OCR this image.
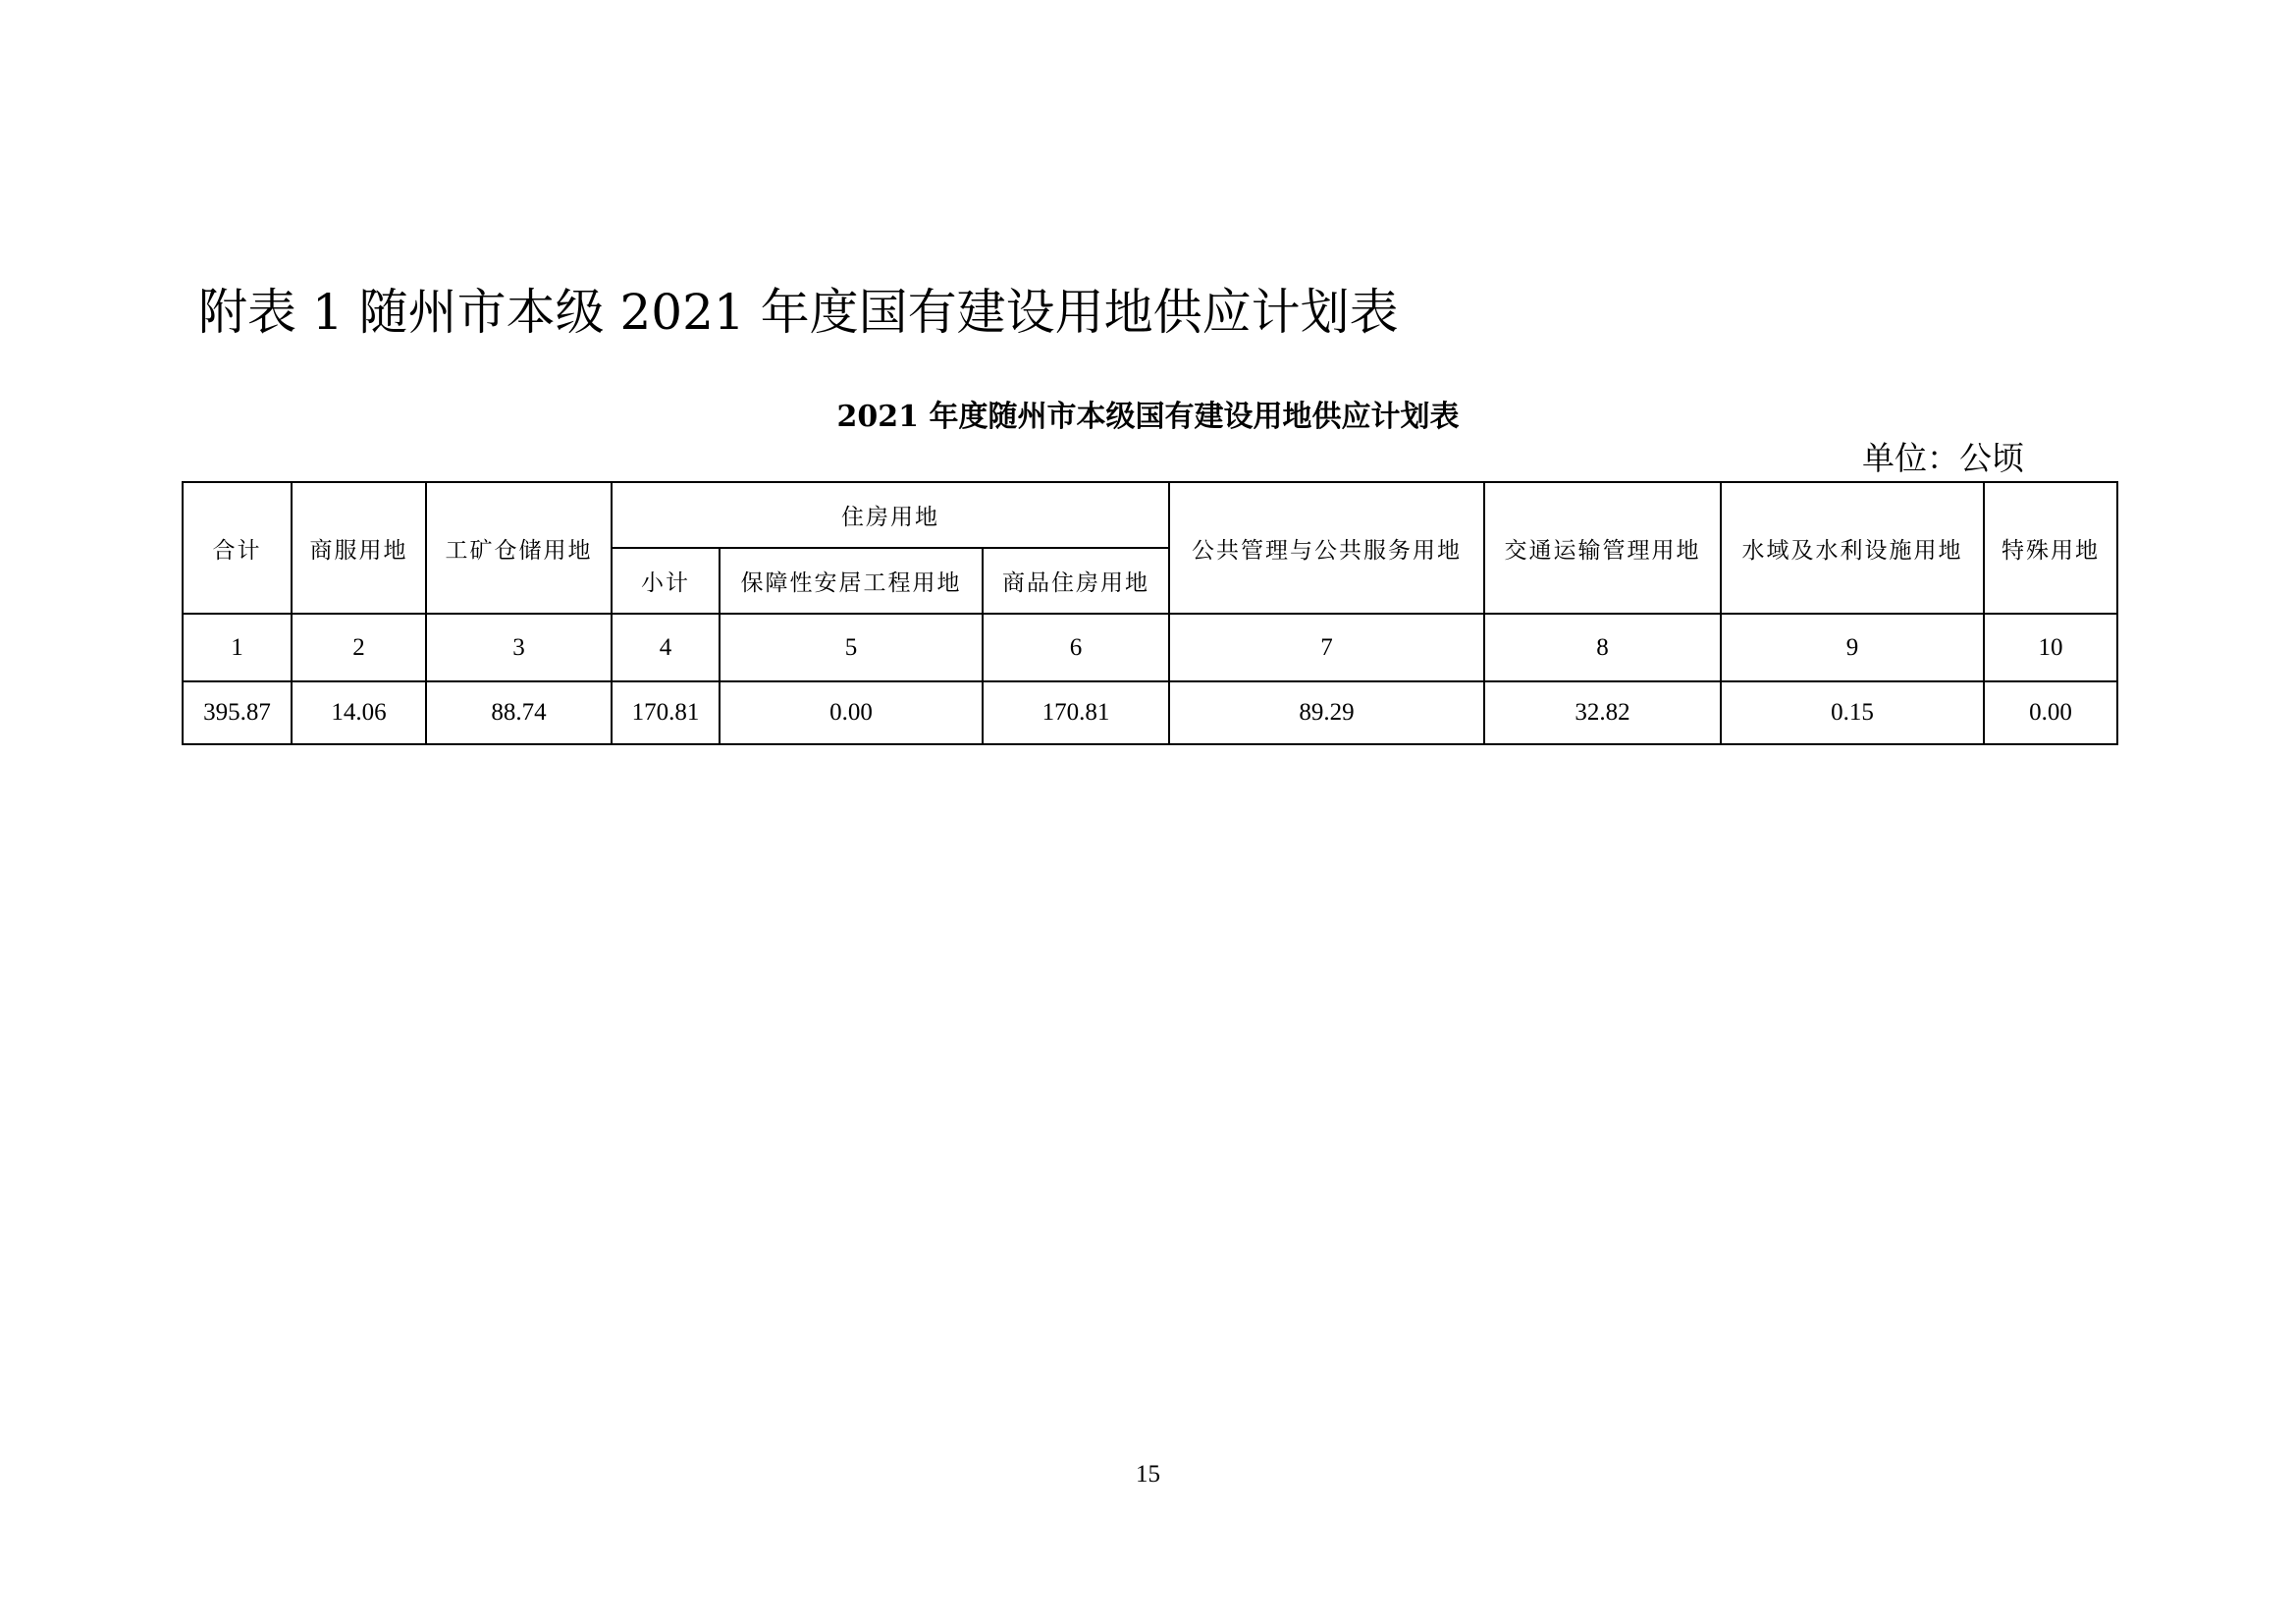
附表 1 随州市本级 2021 年度国有建设用地供应计划表
2021 年度随州市本级国有建设用地供应计划表
单位：公顷
合计	商服用地	工矿仓储用地	住房用地			公共管理与公共服务用地	交通运输管理用地	水域及水利设施用地	特殊用地
			小计	保障性安居工程用地	商品住房用地				
1	2	3	4	5	6	7	8	9	10
395.87	14.06	88.74	170.81	0.00	170.81	89.29	32.82	0.15	0.00
15
